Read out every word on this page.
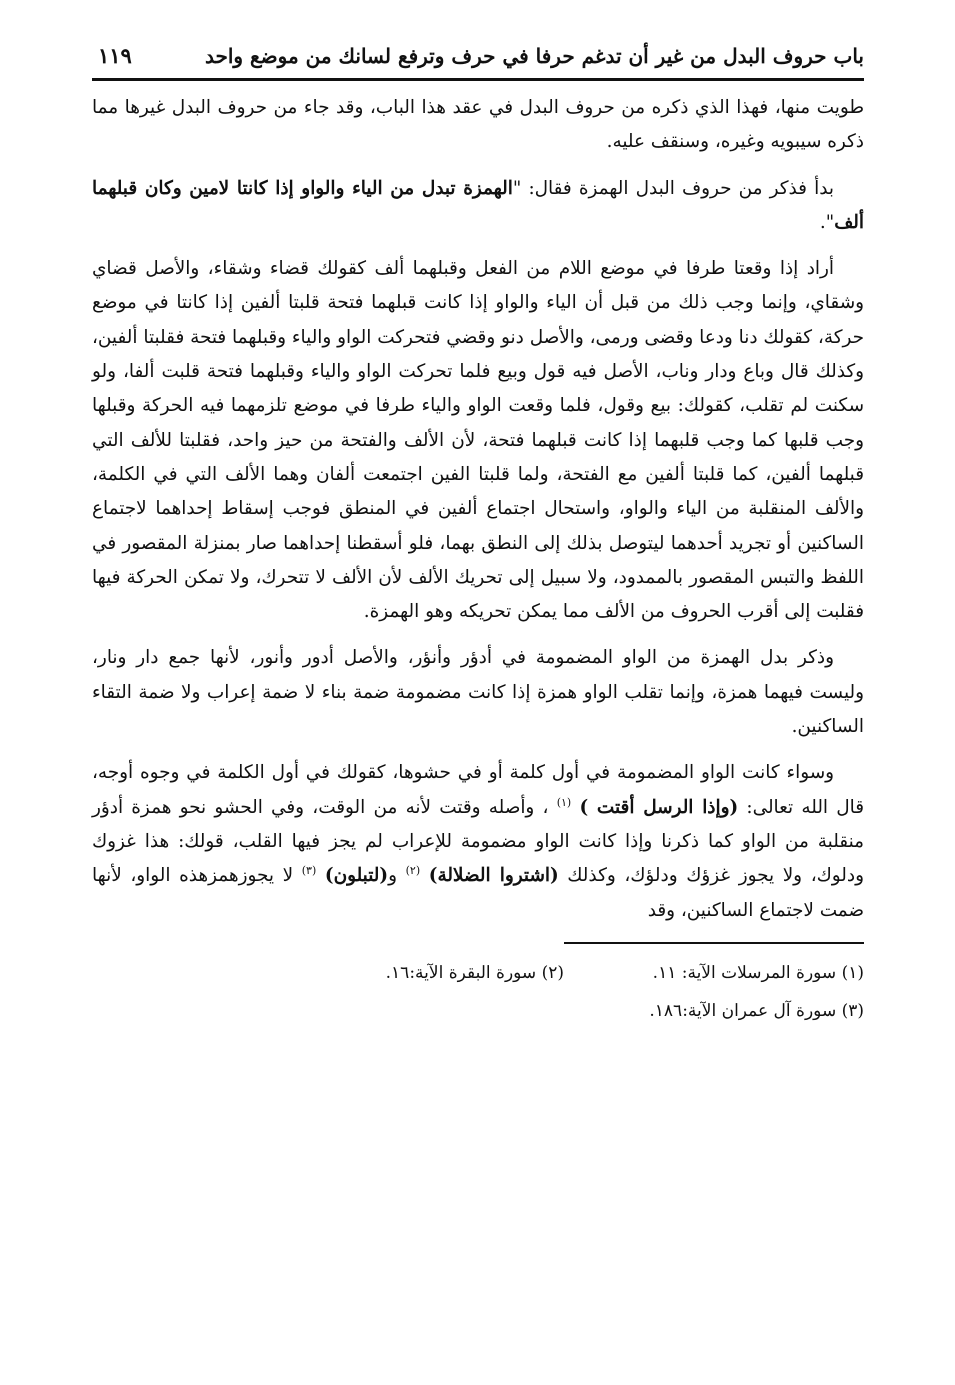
باب حروف البدل من غير أن تدغم حرفا في حرف وترفع لسانك من موضع واحد
١١٩

طويت منها، فهذا الذي ذكره من حروف البدل في عقد هذا الباب، وقد جاء من حروف البدل غيرها مما ذكره سيبويه وغيره، وسنقف عليه.

بدأ فذكر من حروف البدل الهمزة فقال: "الهمزة تبدل من الياء والواو إذا كانتا لامين وكان قبلهما ألف".

أراد إذا وقعتا طرفا في موضع اللام من الفعل وقبلهما ألف كقولك قضاء وشقاء، والأصل قضاي وشقاي، وإنما وجب ذلك من قبل أن الياء والواو إذا كانت قبلهما فتحة قلبتا ألفين إذا كانتا في موضع حركة، كقولك دنا ودعا وقضى ورمى، والأصل دنو وقضي فتحركت الواو والياء وقبلهما فتحة فقلبتا ألفين، وكذلك قال وباع ودار وناب، الأصل فيه قول وبيع فلما تحركت الواو والياء وقبلهما فتحة قلبت ألفا، ولو سكنت لم تقلب، كقولك: بيع وقول، فلما وقعت الواو والياء طرفا في موضع تلزمهما فيه الحركة وقبلها وجب قلبها كما وجب قلبهما إذا كانت قبلهما فتحة، لأن الألف والفتحة من حيز واحد، فقلبتا للألف التي قبلهما ألفين، كما قلبتا ألفين مع الفتحة، ولما قلبتا الفين اجتمعت ألفان وهما الألف التي في الكلمة، والألف المنقلبة من الياء والواو، واستحال اجتماع ألفين في المنطق فوجب إسقاط إحداهما لاجتماع الساكنين أو تجريد أحدهما ليتوصل بذلك إلى النطق بهما، فلو أسقطنا إحداهما صار بمنزلة المقصور في اللفظ والتبس المقصور بالممدود، ولا سبيل إلى تحريك الألف لأن الألف لا تتحرك، ولا تمكن الحركة فيها فقلبت إلى أقرب الحروف من الألف مما يمكن تحريكه وهو الهمزة.

وذكر بدل الهمزة من الواو المضمومة في أدؤر وأنؤر، والأصل أدور وأنور، لأنها جمع دار ونار، وليست فيهما همزة، وإنما تقلب الواو همزة إذا كانت مضمومة ضمة بناء لا ضمة إعراب ولا ضمة التقاء الساكنين.

وسواء كانت الواو المضمومة في أول كلمة أو في حشوها، كقولك في أول الكلمة في وجوه أوجه، قال الله تعالى: (وإذا الرسل أقتت ) $^{(١)}$ ، وأصله وقتت لأنه من الوقت، وفي الحشو نحو همزة أدؤر منقلبة من الواو كما ذكرنا وإذا كانت الواو مضمومة للإعراب لم يجز فيها القلب، قولك: هذا غزوك ودلوك، ولا يجوز غزؤك ودلؤك، وكذلك (اشتروا الضلالة) $^{(٢)}$ و(لتبلون) $^{(٣)}$ لا يجوزهمزهذه الواو، لأنها ضمت لاجتماع الساكنين، وقد

(١) سورة المرسلات الآية: ١١.
(٢) سورة البقرة الآية:١٦.
(٣) سورة آل عمران الآية:١٨٦.
